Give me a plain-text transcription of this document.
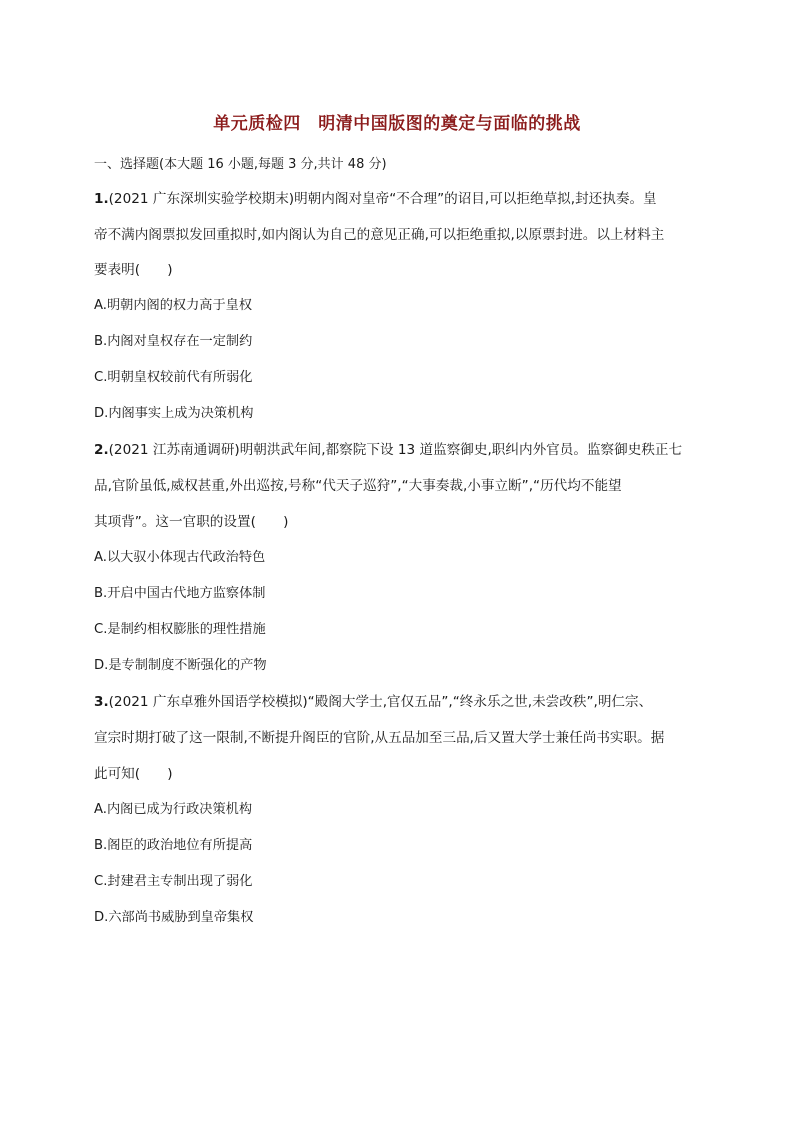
单元质检四　明清中国版图的奠定与面临的挑战
一、选择题(本大题 16 小题,每题 3 分,共计 48 分)
1.(2021 广东深圳实验学校期末)明朝内阁对皇帝“不合理”的诏目,可以拒绝草拟,封还执奏。皇
帝不满内阁票拟发回重拟时,如内阁认为自己的意见正确,可以拒绝重拟,以原票封进。以上材料主
要表明(　　)
A.明朝内阁的权力高于皇权
B.内阁对皇权存在一定制约
C.明朝皇权较前代有所弱化
D.内阁事实上成为决策机构
2.(2021 江苏南通调研)明朝洪武年间,都察院下设 13 道监察御史,职纠内外官员。监察御史秩正七
品,官阶虽低,威权甚重,外出巡按,号称“代天子巡狩”,“大事奏裁,小事立断”,“历代均不能望
其项背”。这一官职的设置(　　)
A.以大驭小体现古代政治特色
B.开启中国古代地方监察体制
C.是制约相权膨胀的理性措施
D.是专制制度不断强化的产物
3.(2021 广东卓雅外国语学校模拟)“殿阁大学士,官仅五品”,“终永乐之世,未尝改秩”,明仁宗、
宣宗时期打破了这一限制,不断提升阁臣的官阶,从五品加至三品,后又置大学士兼任尚书实职。据
此可知(　　)
A.内阁已成为行政决策机构
B.阁臣的政治地位有所提高
C.封建君主专制出现了弱化
D.六部尚书威胁到皇帝集权
